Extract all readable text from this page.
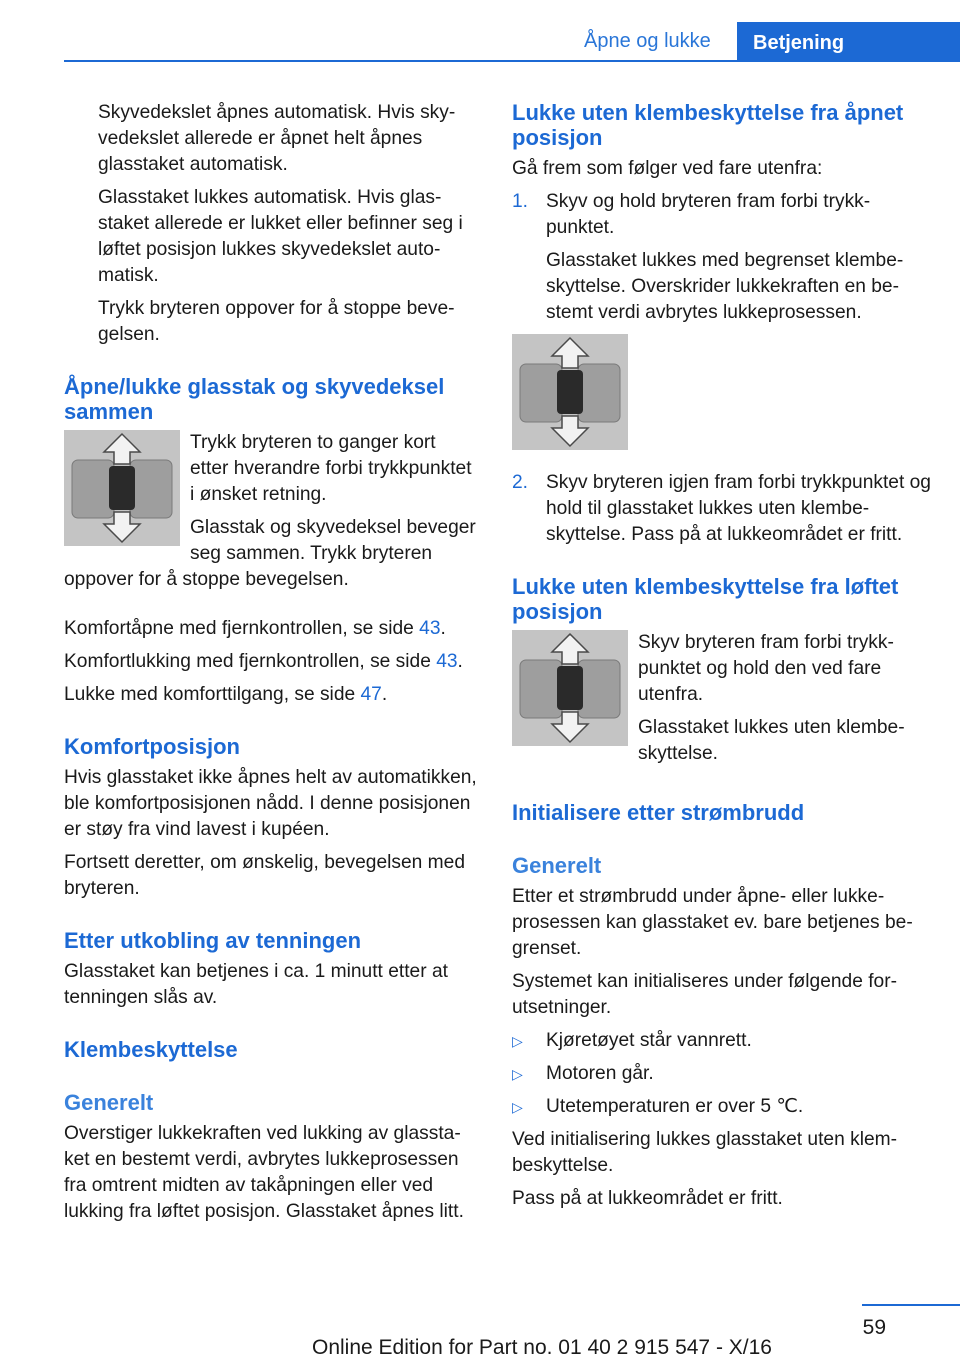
Åpne og lukke	Betjening

Skyvedekslet åpnes automatisk. Hvis skyvedekslet allerede er åpnet helt åpnes glasstaket automatisk.

Glasstaket lukkes automatisk. Hvis glasstaket allerede er lukket eller befinner seg i løftet posisjon lukkes skyvedekslet automatisk.

Trykk bryteren oppover for å stoppe bevegelsen.

Åpne/lukke glasstak og skyvedeksel sammen

Trykk bryteren to ganger kort etter hverandre forbi trykkpunktet i ønsket retning.

Glasstak og skyvedeksel beveger seg sammen. Trykk bryteren oppover for å stoppe bevegelsen.

Komfortåpne med fjernkontrollen, se side 43.

Komfortlukking med fjernkontrollen, se side 43.

Lukke med komforttilgang, se side 47.

Komfortposisjon

Hvis glasstaket ikke åpnes helt av automatikken, ble komfortposisjonen nådd. I denne posisjonen er støy fra vind lavest i kupéen.

Fortsett deretter, om ønskelig, bevegelsen med bryteren.

Etter utkobling av tenningen

Glasstaket kan betjenes i ca. 1 minutt etter at tenningen slås av.

Klembeskyttelse
Generelt

Overstiger lukkekraften ved lukking av glasstaket en bestemt verdi, avbrytes lukkeprosessen fra omtrent midten av takåpningen eller ved lukking fra løftet posisjon. Glasstaket åpnes litt.

Lukke uten klembeskyttelse fra åpnet posisjon

Gå frem som følger ved fare utenfra:

1. Skyv og hold bryteren fram forbi trykkpunktet.

Glasstaket lukkes med begrenset klembeskyttelse. Overskrider lukkekraften en bestemt verdi avbrytes lukkeprosessen.

2. Skyv bryteren igjen fram forbi trykkpunktet og hold til glasstaket lukkes uten klembeskyttelse. Pass på at lukkeområdet er fritt.

Lukke uten klembeskyttelse fra løftet posisjon

Skyv bryteren fram forbi trykkpunktet og hold den ved fare utenfra.

Glasstaket lukkes uten klembeskyttelse.

Initialisere etter strømbrudd
Generelt

Etter et strømbrudd under åpne- eller lukkeprosessen kan glasstaket ev. bare betjenes begrenset.

Systemet kan initialiseres under følgende forutsetninger.

▷ Kjøretøyet står vannrett.

▷ Motoren går.

▷ Utetemperaturen er over 5 ℃.

Ved initialisering lukkes glasstaket uten klembeskyttelse.

Pass på at lukkeområdet er fritt.

59
Online Edition for Part no. 01 40 2 915 547 - X/16
